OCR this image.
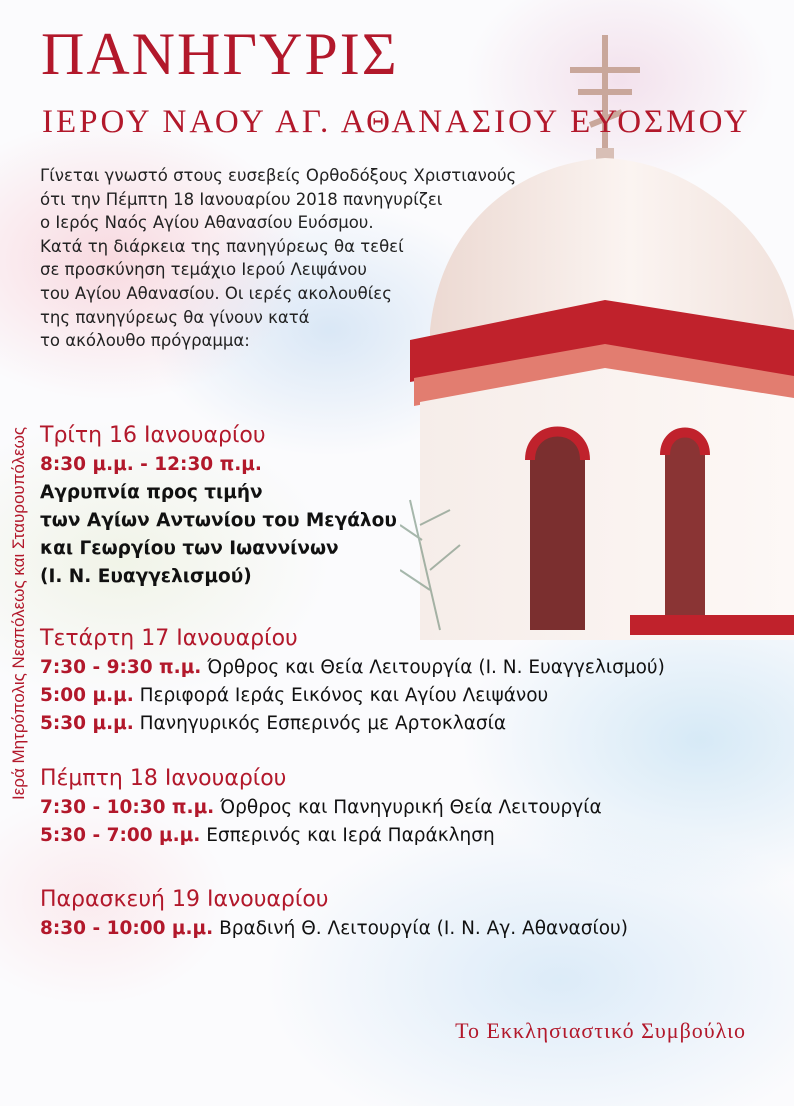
Ιερά Μητρόπολις Νεαπόλεως και Σταυρουπόλεως
ΠΑΝΗΓΥΡΙΣ
ΙΕΡΟΥ ΝΑΟΥ ΑΓ. ΑΘΑΝΑΣΙΟΥ ΕΥΟΣΜΟΥ
Γίνεται γνωστό στους ευσεβείς Ορθοδόξους Χριστιανούς
ότι την Πέμπτη 18 Ιανουαρίου 2018 πανηγυρίζει
ο Ιερός Ναός Αγίου Αθανασίου Ευόσμου.
Κατά τη διάρκεια της πανηγύρεως θα τεθεί
σε προσκύνηση τεμάχιο Ιερού Λειψάνου
του Αγίου Αθανασίου. Οι ιερές ακολουθίες
της πανηγύρεως θα γίνουν κατά
το ακόλουθο πρόγραμμα:
Τρίτη 16 Ιανουαρίου
8:30 μ.μ. - 12:30 π.μ.
Αγρυπνία προς τιμήν
των Αγίων Αντωνίου του Μεγάλου
και Γεωργίου των Ιωαννίνων
(Ι. Ν. Ευαγγελισμού)
Τετάρτη 17 Ιανουαρίου
7:30 - 9:30 π.μ. Όρθρος και Θεία Λειτουργία (Ι. Ν. Ευαγγελισμού)
5:00 μ.μ. Περιφορά Ιεράς Εικόνος και Αγίου Λειψάνου
5:30 μ.μ. Πανηγυρικός Εσπερινός με Αρτοκλασία
Πέμπτη 18 Ιανουαρίου
7:30 - 10:30 π.μ. Όρθρος και Πανηγυρική Θεία Λειτουργία
5:30 - 7:00 μ.μ. Εσπερινός και Ιερά Παράκληση
Παρασκευή 19 Ιανουαρίου
8:30 - 10:00 μ.μ. Βραδινή Θ. Λειτουργία (Ι. Ν. Αγ. Αθανασίου)
Το Εκκλησιαστικό Συμβούλιο
